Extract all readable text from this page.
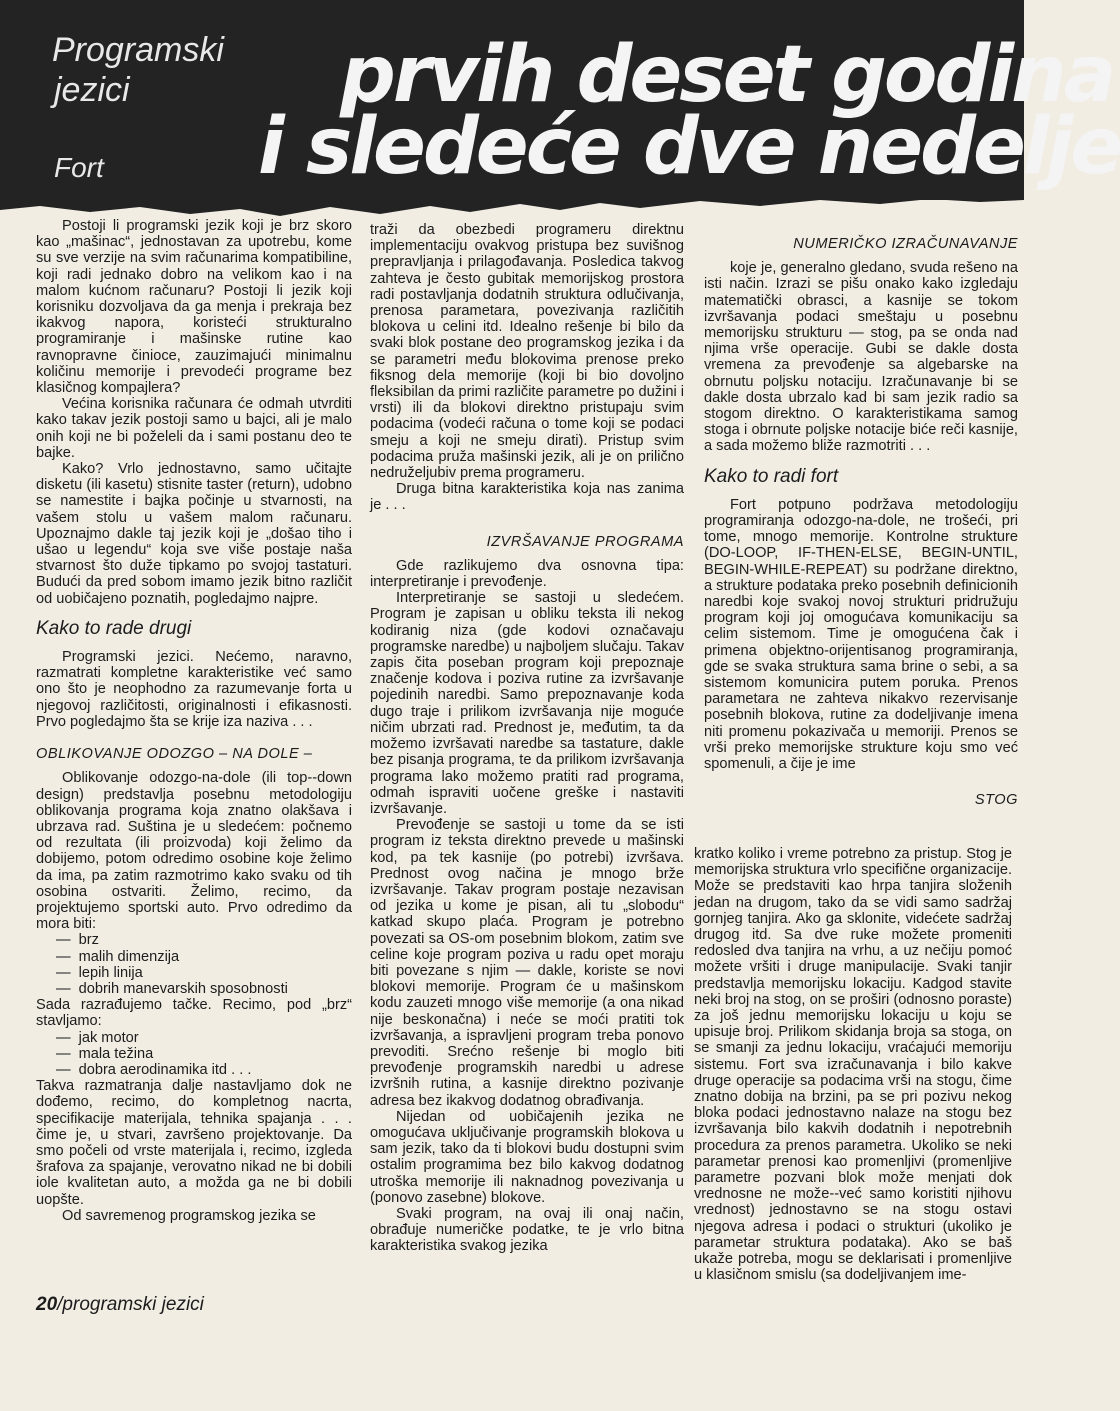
Programski
jezici
Fort
prvih deset godina
i sledeće dve nedelje

Postoji li programski jezik koji je brz skoro kao „mašinac“, jednostavan za upotrebu, kome su sve verzije na svim računarima kompatibiline, koji radi jednako dobro na velikom kao i na malom kućnom računaru? Postoji li jezik koji korisniku dozvoljava da ga menja i prekraja bez ikakvog napora, koristeći strukturalno programiranje i mašinske rutine kao ravnopravne činioce, zauzimajući minimalnu količinu memorije i prevodeći programe bez klasičnog kompajlera?

Većina korisnika računara će odmah utvrditi kako takav jezik postoji samo u bajci, ali je malo onih koji ne bi poželeli da i sami postanu deo te bajke.

Kako? Vrlo jednostavno, samo učitajte disketu (ili kasetu) stisnite taster (return), udobno se namestite i bajka počinje u stvarnosti, na vašem stolu u vašem malom računaru. Upoznajmo dakle taj jezik koji je „došao tiho i ušao u legendu“ koja sve više postaje naša stvarnost što duže tipkamo po svojoj tastaturi. Budući da pred sobom imamo jezik bitno različit od uobičajeno poznatih, pogledajmo najpre.

Kako to rade drugi

Programski jezici. Nećemo, naravno, razmatrati kompletne karakteristike već samo ono što je neophodno za razumevanje forta u njegovoj različitosti, originalnosti i efikasnosti. Prvo pogledajmo šta se krije iza naziva . . .

OBLIKOVANJE ODOZGO – NA DOLE –

Oblikovanje odozgo-na-dole (ili top--down design) predstavlja posebnu metodologiju oblikovanja programa koja znatno olakšava i ubrzava rad. Suština je u sledećem: počnemo od rezultata (ili proizvoda) koji želimo da dobijemo, potom odredimo osobine koje želimo da ima, pa zatim razmotrimo kako svaku od tih osobina ostvariti. Želimo, recimo, da projektujemo sportski auto. Prvo odredimo da mora biti:

— brz
— malih dimenzija
— lepih linija
— dobrih manevarskih sposobnosti

Sada razrađujemo tačke. Recimo, pod „brz“ stavljamo:

— jak motor
— mala težina
— dobra aerodinamika itd . . .

Takva razmatranja dalje nastavljamo dok ne dođemo, recimo, do kompletnog nacrta, specifikacije materijala, tehnika spajanja . . . čime je, u stvari, završeno projektovanje. Da smo počeli od vrste materijala i, recimo, izgleda šrafova za spajanje, verovatno nikad ne bi dobili iole kvalitetan auto, a možda ga ne bi dobili uopšte.

Od savremenog programskog jezika se

traži da obezbedi programeru direktnu implementaciju ovakvog pristupa bez suvišnog prepravljanja i prilagođavanja. Posledica takvog zahteva je često gubitak memorijskog prostora radi postavljanja dodatnih struktura odlučivanja, prenosa parametara, povezivanja različitih blokova u celini itd. Idealno rešenje bi bilo da svaki blok postane deo programskog jezika i da se parametri među blokovima prenose preko fiksnog dela memorije (koji bi bio dovoljno fleksibilan da primi različite parametre po dužini i vrsti) ili da blokovi direktno pristupaju svim podacima (vodeći računa o tome koji se podaci smeju a koji ne smeju dirati). Pristup svim podacima pruža mašinski jezik, ali je on prilično nedruželjubiv prema programeru.

Druga bitna karakteristika koja nas zanima je . . .

IZVRŠAVANJE PROGRAMA

Gde razlikujemo dva osnovna tipa: interpretiranje i prevođenje.

Interpretiranje se sastoji u sledećem. Program je zapisan u obliku teksta ili nekog kodiranig niza (gde kodovi označavaju programske naredbe) u najboljem slučaju. Takav zapis čita poseban program koji prepoznaje značenje kodova i poziva rutine za izvršavanje pojedinih naredbi. Samo prepoznavanje koda dugo traje i prilikom izvršavanja nije moguće ničim ubrzati rad. Prednost je, međutim, ta da možemo izvršavati naredbe sa tastature, dakle bez pisanja programa, te da prilikom izvršavanja programa lako možemo pratiti rad programa, odmah ispraviti uočene greške i nastaviti izvršavanje.

Prevođenje se sastoji u tome da se isti program iz teksta direktno prevede u mašinski kod, pa tek kasnije (po potrebi) izvršava. Prednost ovog načina je mnogo brže izvršavanje. Takav program postaje nezavisan od jezika u kome je pisan, ali tu „slobodu“ katkad skupo plaća. Program je potrebno povezati sa OS-om posebnim blokom, zatim sve celine koje program poziva u radu opet moraju biti povezane s njim — dakle, koriste se novi blokovi memorije. Program će u mašinskom kodu zauzeti mnogo više memorije (a ona nikad nije beskonačna) i neće se moći pratiti tok izvršavanja, a ispravljeni program treba ponovo prevoditi. Srećno rešenje bi moglo biti prevođenje programskih naredbi u adrese izvršnih rutina, a kasnije direktno pozivanje adresa bez ikakvog dodatnog obrađivanja.

Nijedan od uobičajenih jezika ne omogućava uključivanje programskih blokova u sam jezik, tako da ti blokovi budu dostupni svim ostalim programima bez bilo kakvog dodatnog utroška memorije ili naknadnog povezivanja u (ponovo zasebne) blokove.

Svaki program, na ovaj ili onaj način, obrađuje numeričke podatke, te je vrlo bitna karakteristika svakog jezika

NUMERIČKO IZRAČUNAVANJE

koje je, generalno gledano, svuda rešeno na isti način. Izrazi se pišu onako kako izgledaju matematički obrasci, a kasnije se tokom izvršavanja podaci smeštaju u posebnu memorijsku strukturu — stog, pa se onda nad njima vrše operacije. Gubi se dakle dosta vremena za prevođenje sa algebarske na obrnutu poljsku notaciju. Izračunavanje bi se dakle dosta ubrzalo kad bi sam jezik radio sa stogom direktno. O karakteristikama samog stoga i obrnute poljske notacije biće reči kasnije, a sada možemo bliže razmotriti . . .

Kako to radi fort

Fort potpuno podržava metodologiju programiranja odozgo-na-dole, ne trošeći, pri tome, mnogo memorije. Kontrolne strukture (DO-LOOP, IF-THEN-ELSE, BEGIN-UNTIL, BEGIN-WHILE-REPEAT) su podržane direktno, a strukture podataka preko posebnih definicionih naredbi koje svakoj novoj strukturi pridružuju program koji joj omogućava komunikaciju sa celim sistemom. Time je omogućena čak i primena objektno-orijentisanog programiranja, gde se svaka struktura sama brine o sebi, a sa sistemom komunicira putem poruka. Prenos parametara ne zahteva nikakvo rezervisanje posebnih blokova, rutine za dodeljivanje imena niti promenu pokazivača u memoriji. Prenos se vrši preko memorijske strukture koju smo već spomenuli, a čije je ime

STOG

kratko koliko i vreme potrebno za pristup. Stog je memorijska struktura vrlo specifične organizacije. Može se predstaviti kao hrpa tanjira složenih jedan na drugom, tako da se vidi samo sadržaj gornjeg tanjira. Ako ga sklonite, videćete sadržaj drugog itd. Sa dve ruke možete promeniti redosled dva tanjira na vrhu, a uz nečiju pomoć možete vršiti i druge manipulacije. Svaki tanjir predstavlja memorijsku lokaciju. Kadgod stavite neki broj na stog, on se proširi (odnosno poraste) za još jednu memorijsku lokaciju u koju se upisuje broj. Prilikom skidanja broja sa stoga, on se smanji za jednu lokaciju, vraćajući memoriju sistemu. Fort sva izračunavanja i bilo kakve druge operacije sa podacima vrši na stogu, čime znatno dobija na brzini, pa se pri pozivu nekog bloka podaci jednostavno nalaze na stogu bez izvršavanja bilo kakvih dodatnih i nepotrebnih procedura za prenos parametra. Ukoliko se neki parametar prenosi kao promenljivi (promenljive parametre pozvani blok može menjati dok vrednosne ne može--već samo koristiti njihovu vrednost) jednostavno se na stogu ostavi njegova adresa i podaci o strukturi (ukoliko je parametar struktura podataka). Ako se baš ukaže potreba, mogu se deklarisati i promenljive u klasičnom smislu (sa dodeljivanjem ime-

20/programski jezici
